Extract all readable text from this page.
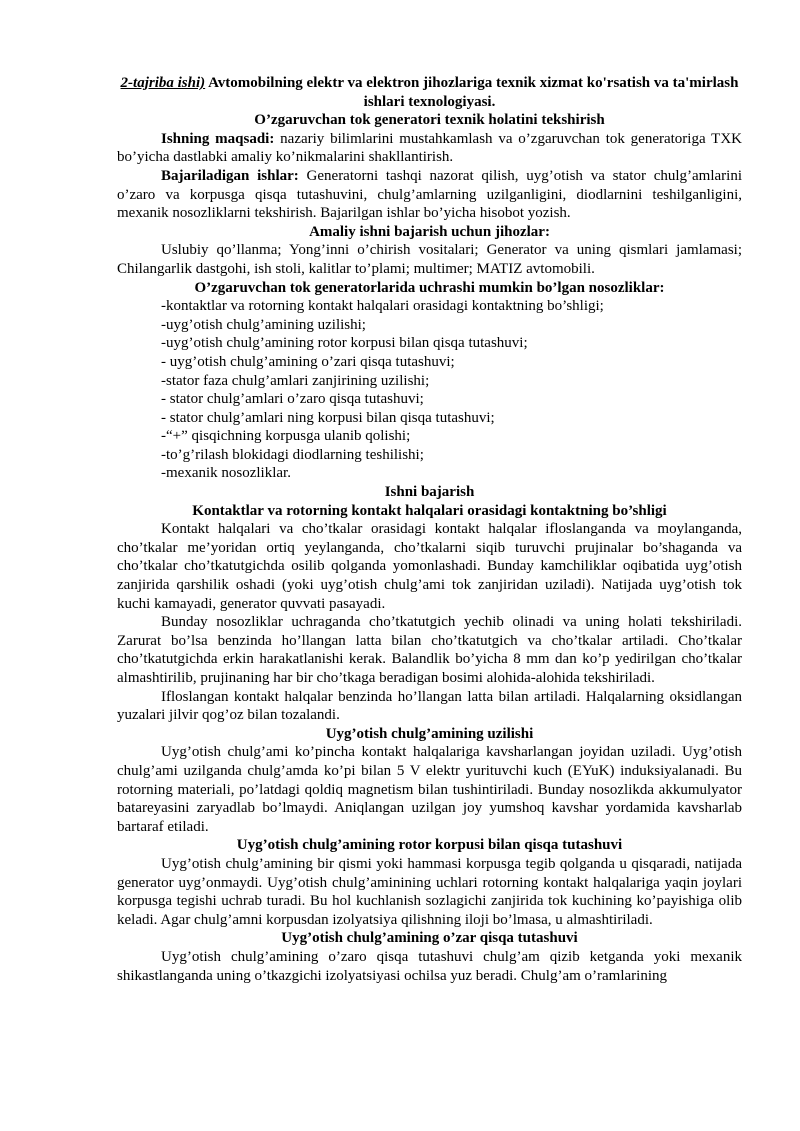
2-tajriba ishi) Avtomobilning elektr va elektron jihozlariga texnik xizmat ko'rsatish va ta'mirlash ishlari texnologiyasi.

O’zgaruvchan tok generatori texnik holatini tekshirish

Ishning maqsadi: nazariy bilimlarini mustahkamlash va o’zgaruvchan tok generatoriga TXK bo’yicha dastlabki amaliy ko’nikmalarini shakllantirish.

Bajariladigan ishlar: Generatorni tashqi nazorat qilish, uyg’otish va stator chulg’amlarini o’zaro va korpusga qisqa tutashuvini, chulg’amlarning uzilganligini, diodlarnini teshilganligini, mexanik nosozliklarni tekshirish. Bajarilgan ishlar bo’yicha hisobot yozish.

Amaliy ishni bajarish uchun jihozlar:

Uslubiy qo’llanma; Yong’inni o’chirish vositalari; Generator va uning qismlari jamlamasi; Chilangarlik dastgohi, ish stoli, kalitlar to’plami; multimer; MATIZ avtomobili.

O’zgaruvchan tok generatorlarida uchrashi mumkin bo’lgan nosozliklar:

-kontaktlar va rotorning kontakt halqalari orasidagi kontaktning bo’shligi;
-uyg’otish chulg’amining uzilishi;
-uyg’otish chulg’amining rotor korpusi bilan qisqa tutashuvi;
- uyg’otish chulg’amining o’zari qisqa tutashuvi;
-stator faza chulg’amlari zanjirining uzilishi;
- stator chulg’amlari o’zaro qisqa tutashuvi;
- stator chulg’amlari ning korpusi bilan qisqa tutashuvi;
-“+” qisqichning korpusga ulanib qolishi;
-to’g’rilash blokidagi diodlarning teshilishi;
-mexanik nosozliklar.

Ishni bajarish

Kontaktlar va rotorning kontakt halqalari orasidagi kontaktning bo’shligi

Kontakt halqalari va cho’tkalar orasidagi kontakt halqalar ifloslanganda va moylanganda, cho’tkalar me’yoridan ortiq yeylanganda, cho’tkalarni siqib turuvchi prujinalar bo’shaganda va cho’tkalar cho’tkatutgichda osilib qolganda yomonlashadi. Bunday kamchiliklar oqibatida uyg’otish zanjirida qarshilik oshadi (yoki uyg’otish chulg’ami tok zanjiridan uziladi). Natijada uyg’otish tok kuchi kamayadi, generator quvvati pasayadi.

Bunday nosozliklar uchraganda cho’tkatutgich yechib olinadi va uning holati tekshiriladi. Zarurat bo’lsa benzinda ho’llangan latta bilan cho’tkatutgich va cho’tkalar artiladi. Cho’tkalar cho’tkatutgichda erkin harakatlanishi kerak. Balandlik bo’yicha 8 mm dan ko’p yedirilgan cho’tkalar almashtirilib, prujinaning har bir cho’tkaga beradigan bosimi alohida-alohida tekshiriladi.

Ifloslangan kontakt halqalar benzinda ho’llangan latta bilan artiladi. Halqalarning oksidlangan yuzalari jilvir qog’oz bilan tozalandi.

Uyg’otish chulg’amining uzilishi

Uyg’otish chulg’ami ko’pincha kontakt halqalariga kavsharlangan joyidan uziladi. Uyg’otish chulg’ami uzilganda chulg’amda ko’pi bilan 5 V elektr yurituvchi kuch (EYuK) induksiyalanadi. Bu rotorning materiali, po’latdagi qoldiq magnetism bilan tushintiriladi. Bunday nosozlikda akkumulyator batareyasini zaryadlab bo’lmaydi. Aniqlangan uzilgan joy yumshoq kavshar yordamida kavsharlab bartaraf etiladi.

Uyg’otish chulg’amining rotor korpusi bilan qisqa tutashuvi

Uyg’otish chulg’amining bir qismi yoki hammasi korpusga tegib qolganda u qisqaradi, natijada generator uyg’onmaydi. Uyg’otish chulg’aminining uchlari rotorning kontakt halqalariga yaqin joylari korpusga tegishi uchrab turadi. Bu hol kuchlanish sozlagichi zanjirida tok kuchining ko’payishiga olib keladi. Agar chulg’amni korpusdan izolyatsiya qilishning iloji bo’lmasa, u almashtiriladi.

Uyg’otish chulg’amining o’zar qisqa tutashuvi

Uyg’otish chulg’amining o’zaro qisqa tutashuvi chulg’am qizib ketganda yoki mexanik shikastlanganda uning o’tkazgichi izolyatsiyasi ochilsa yuz beradi. Chulg’am o’ramlarining
